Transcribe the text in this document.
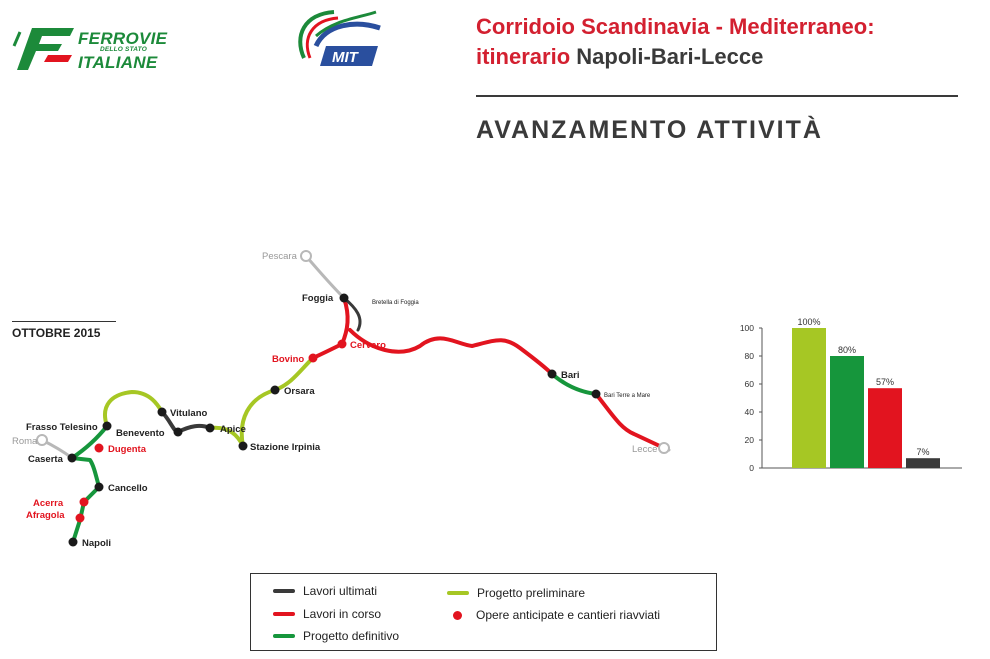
FERROVIE
DELLO STATO
ITALIANE	MIT
Corridoio Scandinavia - Mediterraneo:
itinerario Napoli-Bari-Lecce
AVANZAMENTO ATTIVITÀ
OTTOBRE 2015
Pescara
Foggia	Bretella di Foggia
Cervaro
Bovino
Orsara
Bari
Bari Terre a Mare
Lecce
Vitulano
Apice
Stazione Irpinia
Benevento
Frasso Telesino
Roma
Dugenta
Caserta
Cancello
Acerra
Afragola
Napoli
0
20
40
60
80
100
100%
80%
57%
7%
Lavori ultimati
Lavori in corso
Progetto definitivo
Progetto preliminare
Opere anticipate e cantieri riavviati
